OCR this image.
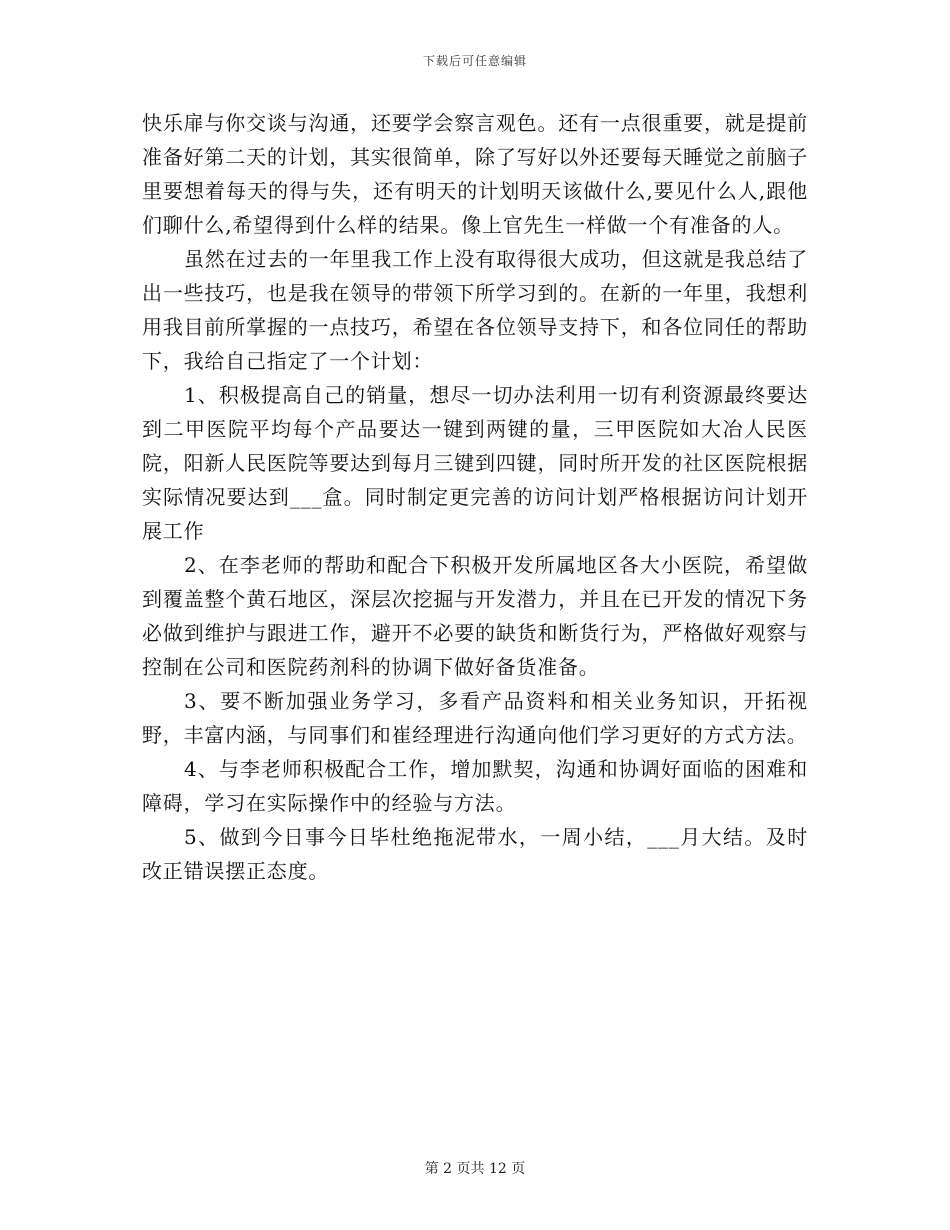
下载后可任意编辑

快乐扉与你交谈与沟通，还要学会察言观色。还有一点很重要，就是提前准备好第二天的计划，其实很简单，除了写好以外还要每天睡觉之前脑子里要想着每天的得与失，还有明天的计划明天该做什么,要见什么人,跟他们聊什么,希望得到什么样的结果。像上官先生一样做一个有准备的人。

虽然在过去的一年里我工作上没有取得很大成功，但这就是我总结了出一些技巧，也是我在领导的带领下所学习到的。在新的一年里，我想利用我目前所掌握的一点技巧，希望在各位领导支持下，和各位同任的帮助下，我给自己指定了一个计划：

1、积极提高自己的销量，想尽一切办法利用一切有利资源最终要达到二甲医院平均每个产品要达一键到两键的量，三甲医院如大冶人民医院，阳新人民医院等要达到每月三键到四键，同时所开发的社区医院根据实际情况要达到___盒。同时制定更完善的访问计划严格根据访问计划开展工作

2、在李老师的帮助和配合下积极开发所属地区各大小医院，希望做到覆盖整个黄石地区，深层次挖掘与开发潜力，并且在已开发的情况下务必做到维护与跟进工作，避开不必要的缺货和断货行为，严格做好观察与控制在公司和医院药剂科的协调下做好备货准备。

3、要不断加强业务学习，多看产品资料和相关业务知识，开拓视野，丰富内涵，与同事们和崔经理进行沟通向他们学习更好的方式方法。

4、与李老师积极配合工作，增加默契，沟通和协调好面临的困难和障碍，学习在实际操作中的经验与方法。

5、做到今日事今日毕杜绝拖泥带水，一周小结，___月大结。及时改正错误摆正态度。

第 2 页共 12 页
